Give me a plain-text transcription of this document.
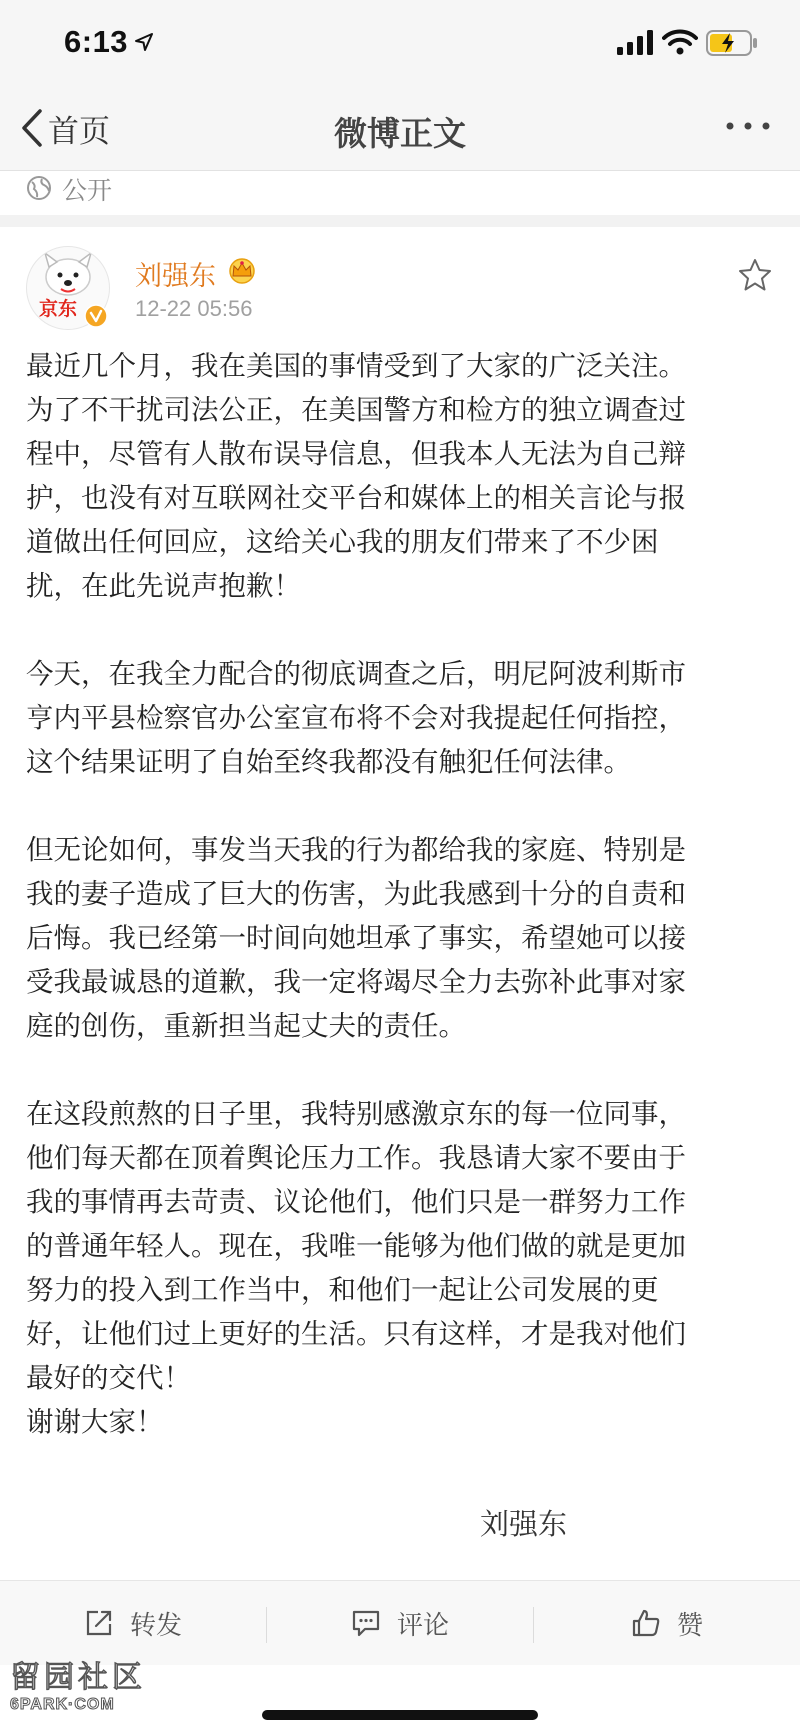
6:13
首页	微博正文
公开
京东
刘强东
12-22 05:56
最近几个月，我在美国的事情受到了大家的广泛关注。
为了不干扰司法公正，在美国警方和检方的独立调查过
程中，尽管有人散布误导信息，但我本人无法为自己辩
护，也没有对互联网社交平台和媒体上的相关言论与报
道做出任何回应，这给关心我的朋友们带来了不少困
扰，在此先说声抱歉！
今天，在我全力配合的彻底调查之后，明尼阿波利斯市
亨内平县检察官办公室宣布将不会对我提起任何指控，
这个结果证明了自始至终我都没有触犯任何法律。
但无论如何，事发当天我的行为都给我的家庭、特别是
我的妻子造成了巨大的伤害，为此我感到十分的自责和
后悔。我已经第一时间向她坦承了事实，希望她可以接
受我最诚恳的道歉，我一定将竭尽全力去弥补此事对家
庭的创伤，重新担当起丈夫的责任。
在这段煎熬的日子里，我特别感激京东的每一位同事，
他们每天都在顶着舆论压力工作。我恳请大家不要由于
我的事情再去苛责、议论他们，他们只是一群努力工作
的普通年轻人。现在，我唯一能够为他们做的就是更加
努力的投入到工作当中，和他们一起让公司发展的更
好，让他们过上更好的生活。只有这样，才是我对他们
最好的交代！
谢谢大家！
刘强东
转发	评论	赞
留园社区
6PARK·COM
